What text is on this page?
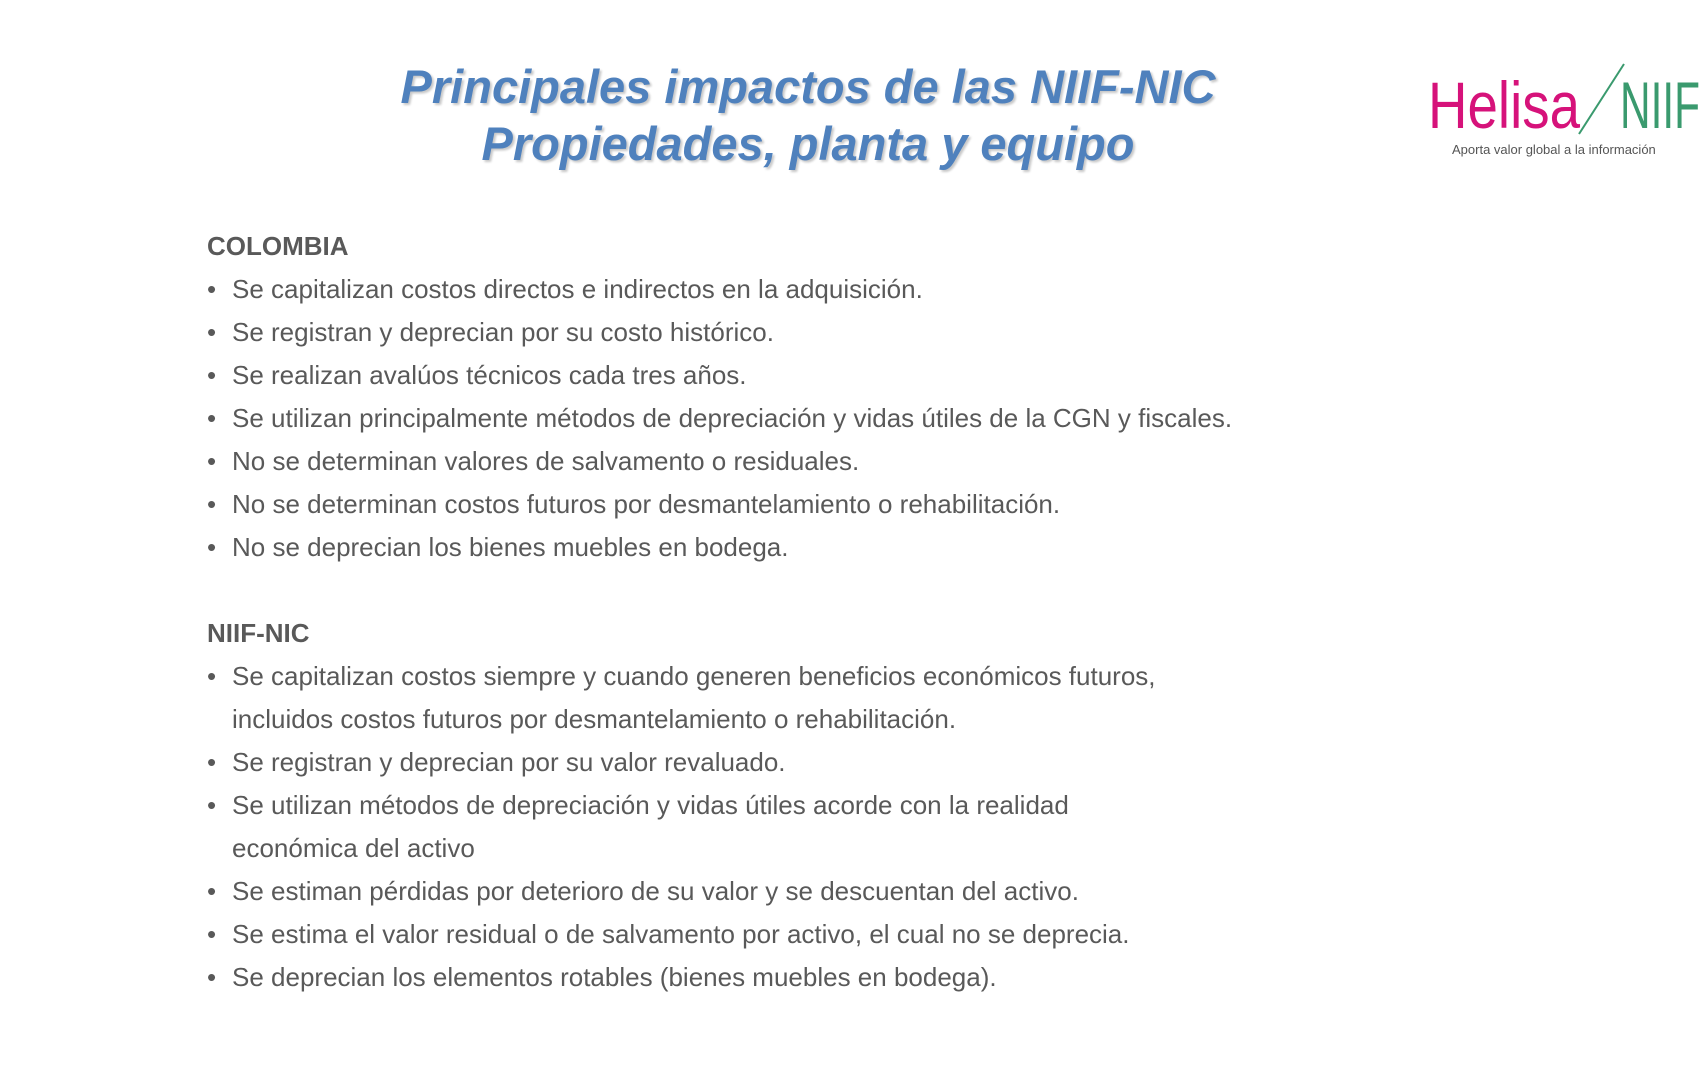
Principales impactos de las NIIF-NIC
Propiedades, planta y equipo
Helisa NIIF
Aporta valor global a la información
COLOMBIA
• Se capitalizan costos directos e indirectos en la adquisición.
• Se registran y deprecian por su costo histórico.
• Se realizan avalúos técnicos cada tres años.
• Se utilizan principalmente métodos de depreciación y vidas útiles de la CGN y fiscales.
• No se determinan valores de salvamento o residuales.
• No se determinan costos futuros por desmantelamiento o rehabilitación.
• No se deprecian los bienes muebles en bodega.
NIIF-NIC
• Se capitalizan costos siempre y cuando generen beneficios económicos futuros, incluidos costos futuros por desmantelamiento o rehabilitación.
• Se registran y deprecian por su valor revaluado.
• Se utilizan métodos de depreciación y vidas útiles acorde con la realidad económica del activo
• Se estiman pérdidas por deterioro de su valor y se descuentan del activo.
• Se estima el valor residual o de salvamento por activo, el cual no se deprecia.
• Se deprecian los elementos rotables (bienes muebles en bodega).
